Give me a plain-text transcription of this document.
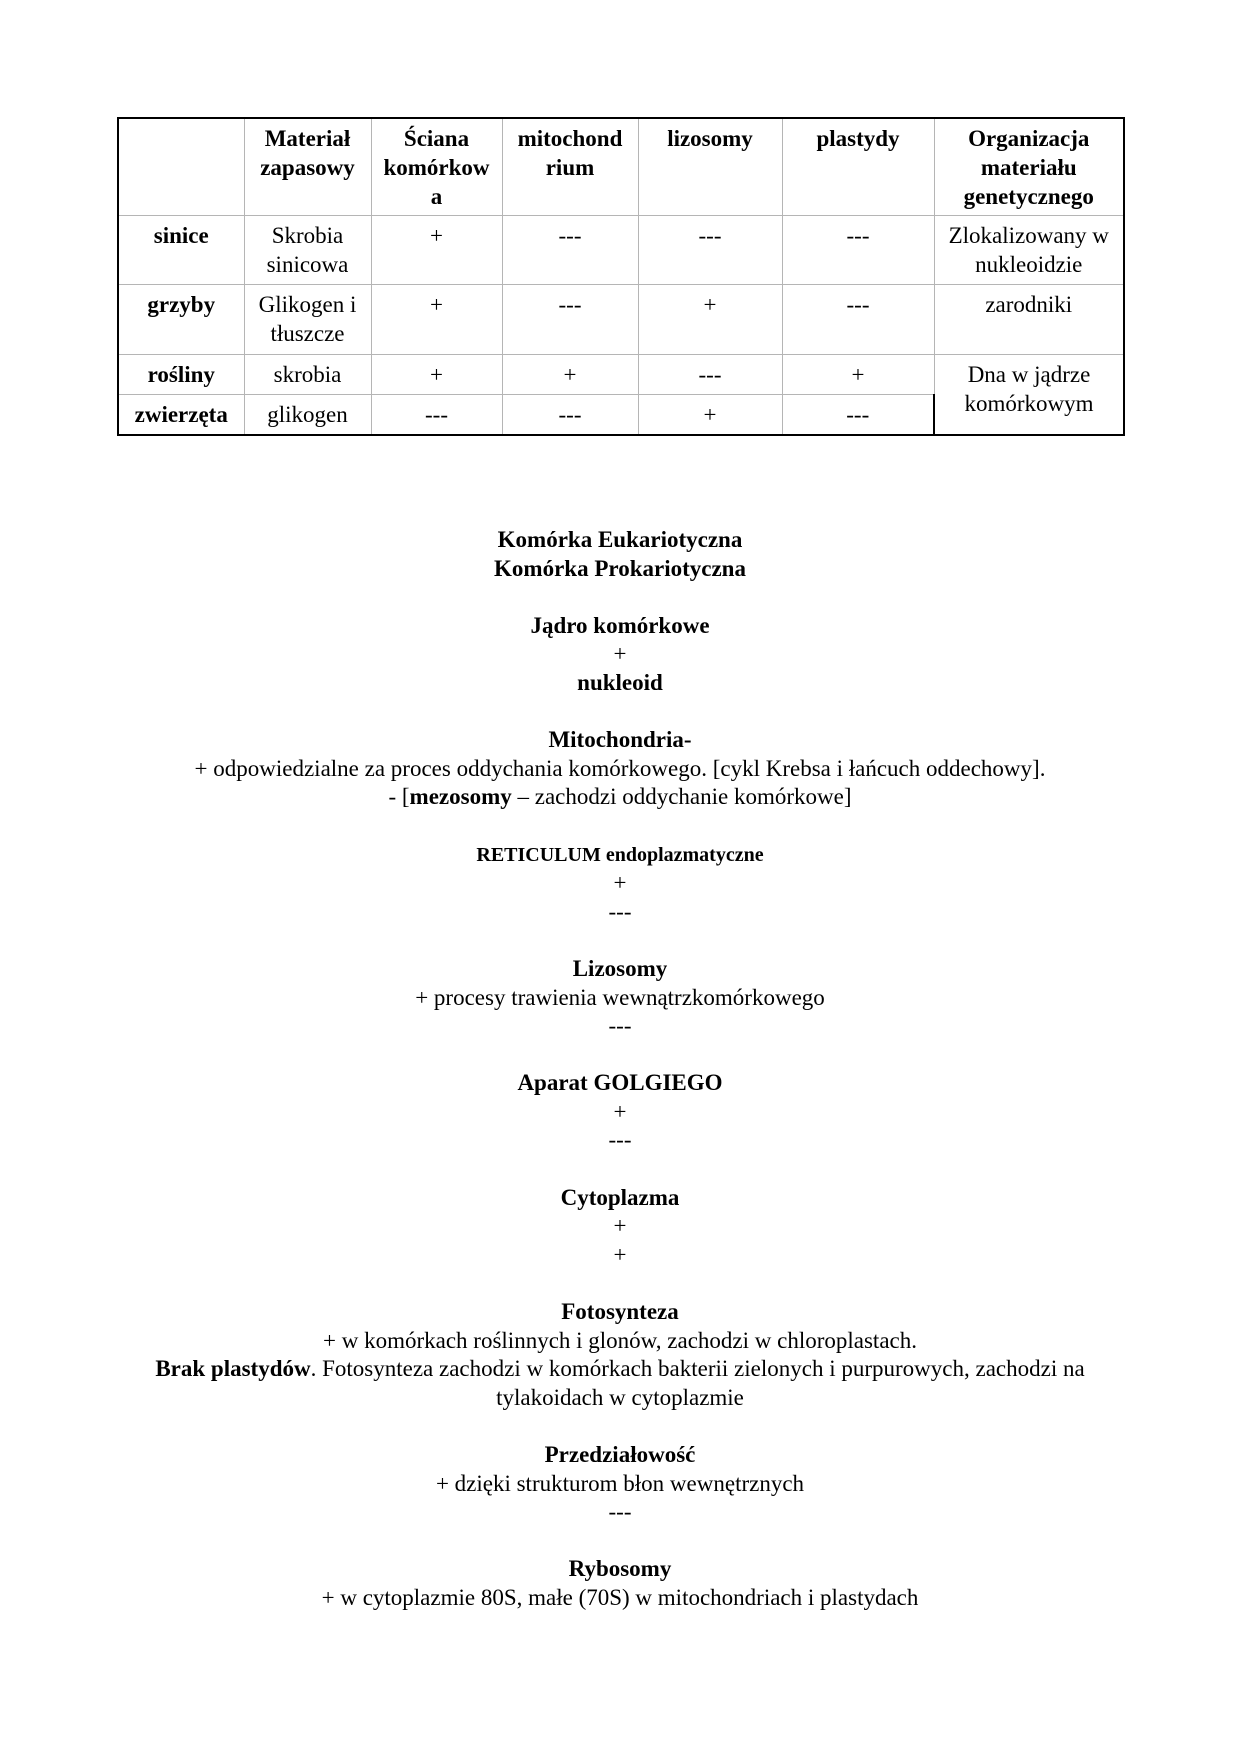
	Materiał zapasowy	Ściana komórkow a	mitochond rium	lizosomy	plastydy	Organizacja materiału genetycznego
sinice	Skrobia sinicowa	+	---	---	---	Zlokalizowany w nukleoidzie
grzyby	Glikogen i tłuszcze	+	---	+	---	zarodniki
rośliny	skrobia	+	+	---	+	Dna w jądrze komórkowym
zwierzęta	glikogen	---	---	+	---	

Komórka Eukariotyczna

Komórka Prokariotyczna

Jądro komórkowe

+

nukleoid

Mitochondria-

+ odpowiedzialne za proces oddychania komórkowego. [cykl Krebsa i łańcuch oddechowy].

- [mezosomy – zachodzi oddychanie komórkowe]

RETICULUM endoplazmatyczne

+

---

Lizosomy

+ procesy trawienia wewnątrzkomórkowego

---

Aparat GOLGIEGO

+

---

Cytoplazma

+

+

Fotosynteza

+ w komórkach roślinnych i glonów, zachodzi w chloroplastach.

Brak plastydów. Fotosynteza zachodzi w komórkach bakterii zielonych i purpurowych, zachodzi na tylakoidach w cytoplazmie

Przedziałowość

+ dzięki strukturom błon wewnętrznych

---

Rybosomy

+ w cytoplazmie 80S, małe (70S) w mitochondriach i plastydach
